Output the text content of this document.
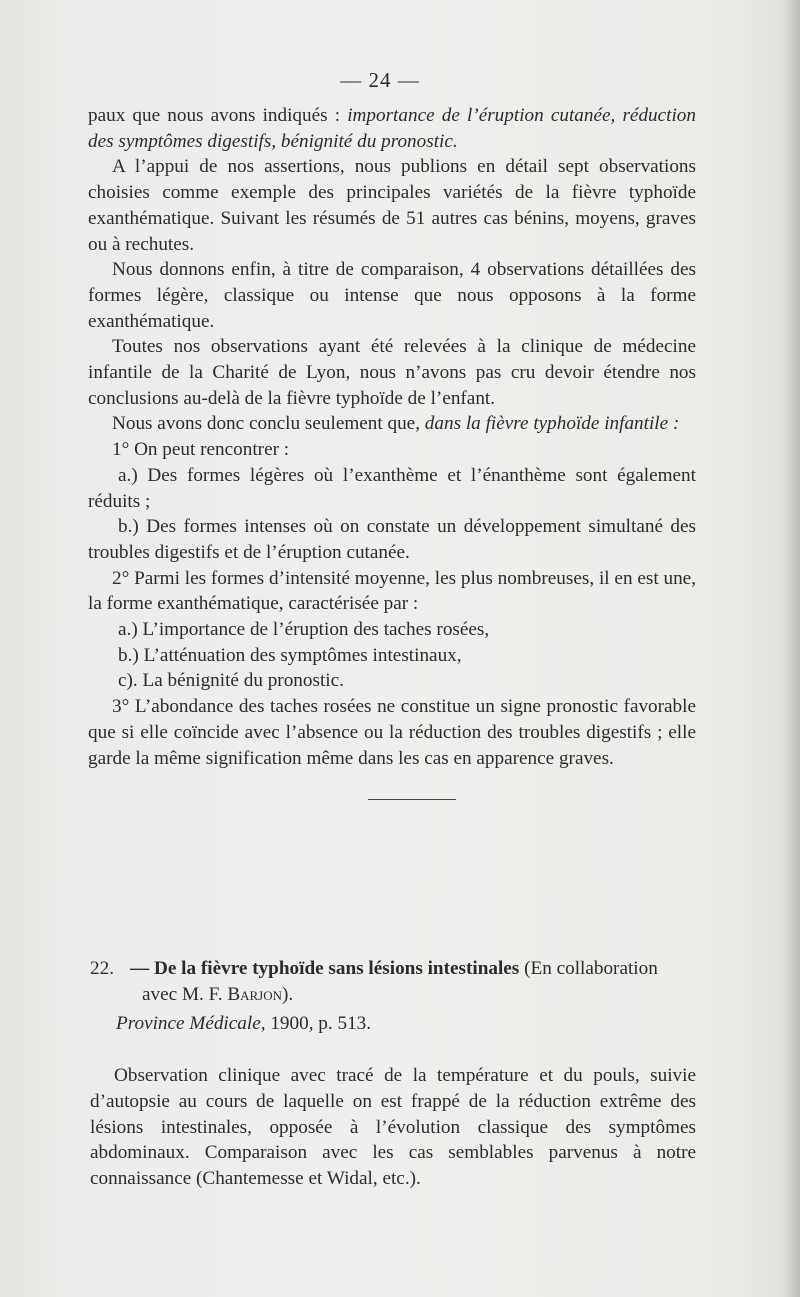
— 24 —

paux que nous avons indiqués : importance de l’éruption cutanée, réduction des symptômes digestifs, bénignité du pronostic.

A l’appui de nos assertions, nous publions en détail sept observations choisies comme exemple des principales variétés de la fièvre typhoïde exanthématique. Suivant les résumés de 51 autres cas bénins, moyens, graves ou à rechutes.

Nous donnons enfin, à titre de comparaison, 4 observations détaillées des formes légère, classique ou intense que nous opposons à la forme exanthématique.

Toutes nos observations ayant été relevées à la clinique de médecine infantile de la Charité de Lyon, nous n’avons pas cru devoir étendre nos conclusions au-delà de la fièvre typhoïde de l’enfant.

Nous avons donc conclu seulement que, dans la fièvre typhoïde infantile :

1° On peut rencontrer :

a.) Des formes légères où l’exanthème et l’énanthème sont également réduits ;

b.) Des formes intenses où on constate un développement simultané des troubles digestifs et de l’éruption cutanée.

2° Parmi les formes d’intensité moyenne, les plus nombreuses, il en est une, la forme exanthématique, caractérisée par :

a.) L’importance de l’éruption des taches rosées,

b.) L’atténuation des symptômes intestinaux,

c). La bénignité du pronostic.

3° L’abondance des taches rosées ne constitue un signe pronostic favorable que si elle coïncide avec l’absence ou la réduction des troubles digestifs ; elle garde la même signification même dans les cas en apparence graves.

22. — De la fièvre typhoïde sans lésions intestinales (En collaboration avec M. F. Barjon).

Province Médicale, 1900, p. 513.

Observation clinique avec tracé de la température et du pouls, suivie d’autopsie au cours de laquelle on est frappé de la réduction extrême des lésions intestinales, opposée à l’évolution classique des symptômes abdominaux. Comparaison avec les cas semblables parvenus à notre connaissance (Chantemesse et Widal, etc.).
